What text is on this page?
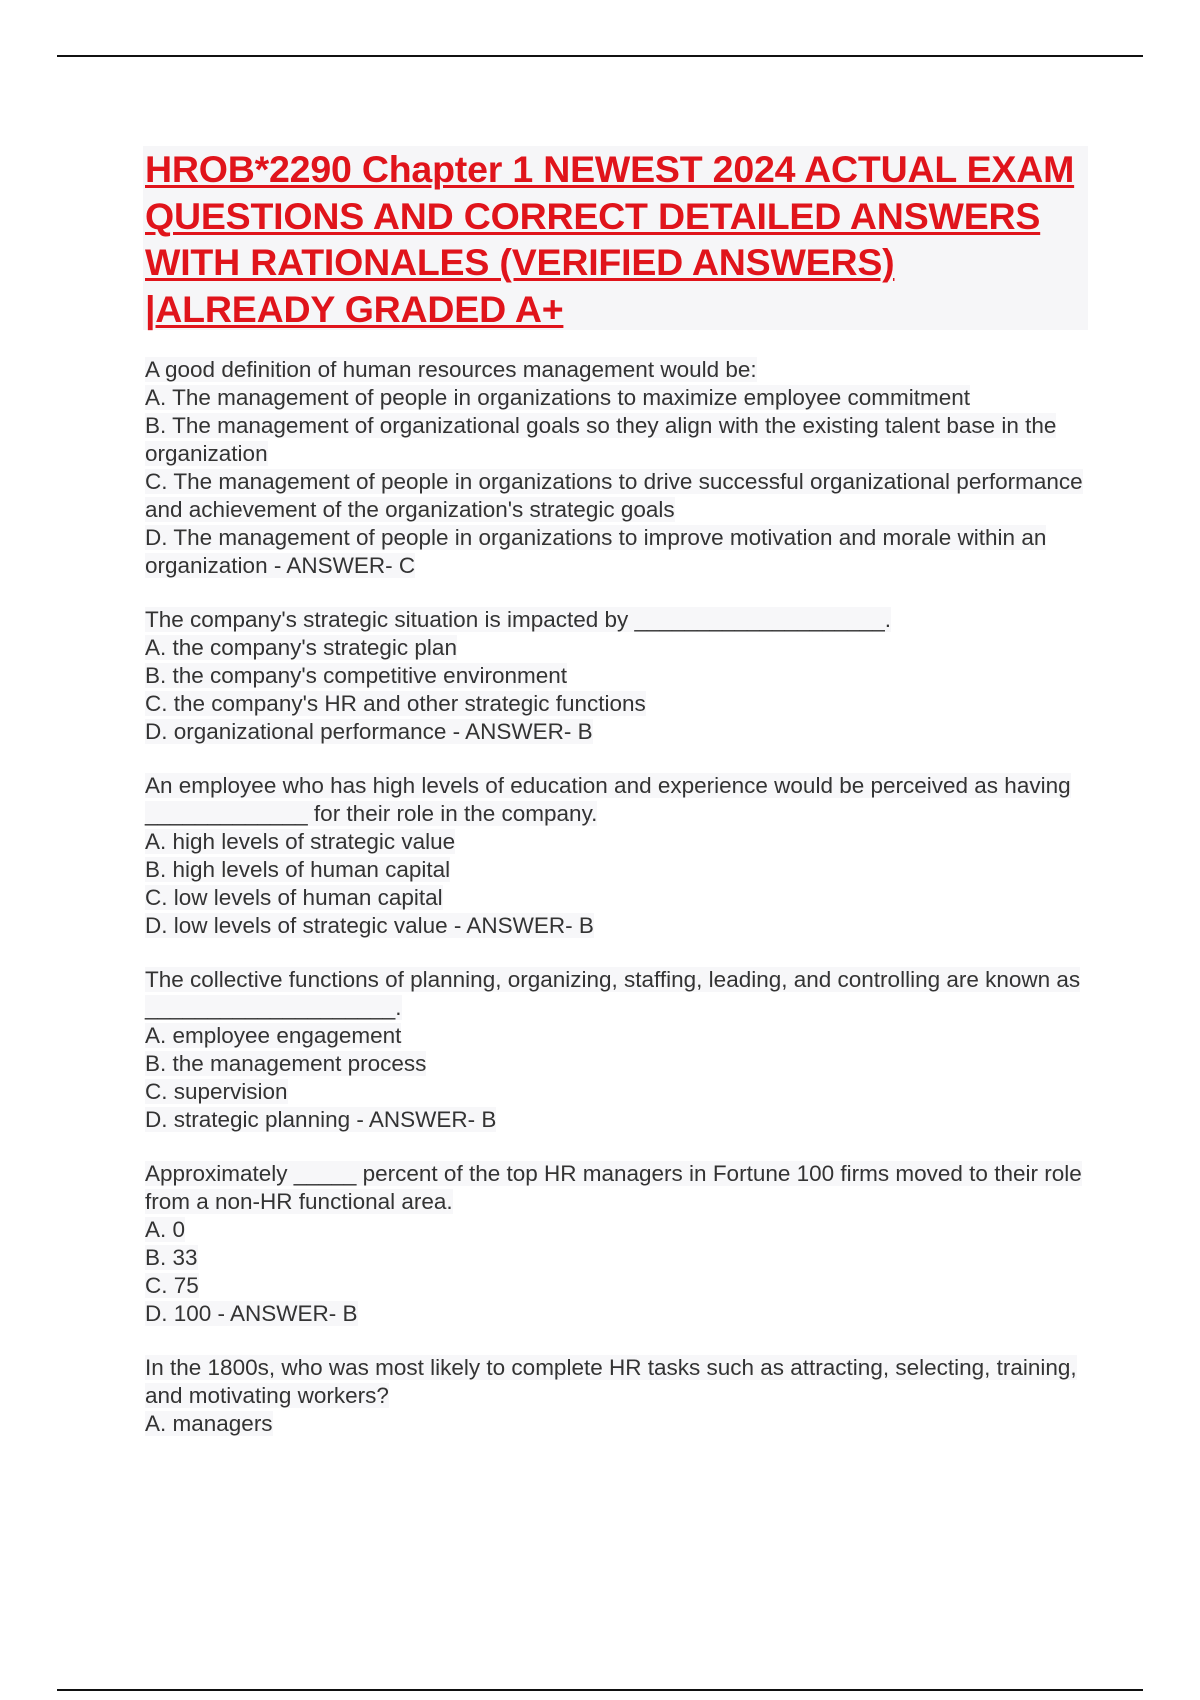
HROB*2290 Chapter 1 NEWEST 2024 ACTUAL EXAM QUESTIONS AND CORRECT DETAILED ANSWERS WITH RATIONALES (VERIFIED ANSWERS) |ALREADY GRADED A+

A good definition of human resources management would be:

A. The management of people in organizations to maximize employee commitment

B. The management of organizational goals so they align with the existing talent base in the organization

C. The management of people in organizations to drive successful organizational performance and achievement of the organization's strategic goals

D. The management of people in organizations to improve motivation and morale within an organization - ANSWER- C

The company's strategic situation is impacted by ____________________.

A. the company's strategic plan

B. the company's competitive environment

C. the company's HR and other strategic functions

D. organizational performance - ANSWER- B

An employee who has high levels of education and experience would be perceived as having _____________ for their role in the company.

A. high levels of strategic value

B. high levels of human capital

C. low levels of human capital

D. low levels of strategic value - ANSWER- B

The collective functions of planning, organizing, staffing, leading, and controlling are known as ____________________.

A. employee engagement

B. the management process

C. supervision

D. strategic planning - ANSWER- B

Approximately _____ percent of the top HR managers in Fortune 100 firms moved to their role from a non-HR functional area.

A. 0

B. 33

C. 75

D. 100 - ANSWER- B

In the 1800s, who was most likely to complete HR tasks such as attracting, selecting, training, and motivating workers?

A. managers
